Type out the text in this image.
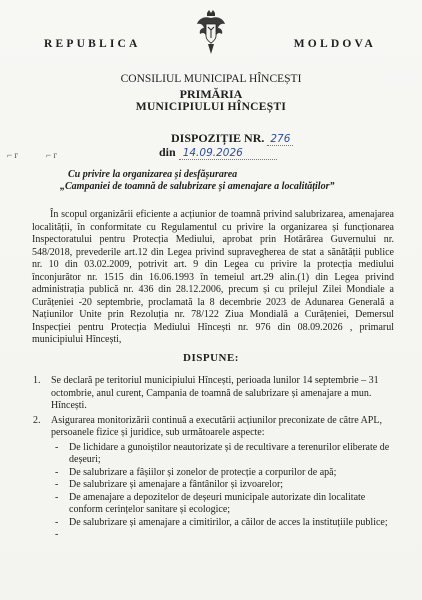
REPUBLICA	MOLDOVA
CONSILIUL MUNICIPAL HÎNCEȘTI
PRIMĂRIA
MUNICIPIULUI HÎNCEȘTI
DISPOZIȚIE NR. 276
din 14.09.2026
⌐ г	⌐ г
Cu privire la organizarea și desfășurarea
„Campaniei de toamnă de salubrizare și amenajare a localităților”

În scopul organizării eficiente a acțiunior de toamnă privind salubrizarea, amenajarea localității, în conformitate cu Regulamentul cu privire la organizarea și funcționarea Inspectoratului pentru Protecția Mediului, aprobat prin Hotărârea Guvernului nr. 548/2018, prevederile art.12 din Legea privind supravegherea de stat a sănătății publice nr. 10 din 03.02.2009, potrivit art. 9 din Legea cu privire la protecția mediului înconjurător nr. 1515 din 16.06.1993 în temeiul art.29 alin.(1) din Legea privind administrația publică nr. 436 din 28.12.2006, precum și cu prilejul Zilei Mondiale a Curățeniei -20 septembrie, proclamată la 8 decembrie 2023 de Adunarea Generală a Națiunilor Unite prin Rezoluția nr. 78/122 Ziua Mondială a Curățeniei, Demersul Inspecției pentru Protecția Mediului Hîncești nr. 976 din 08.09.2026 , primarul municipiului Hîncești,

DISPUNE:
1. Se declară pe teritoriul municipiului Hîncești, perioada lunilor 14 septembrie – 31 octombrie, anul curent, Campania de toamnă de salubrizare și amenajare a mun. Hîncești.
2. Asigurarea monitorizării continuă a executării acțiunilor preconizate de către APL, persoanele fizice și juridice, sub următoarele aspecte:
- De lichidare a gunoiștilor neautorizate și de recultivare a terenurilor eliberate de deșeuri;
- De salubrizare a fâșiilor și zonelor de protecție a corpurilor de apă;
- De salubrizare și amenajare a fântânilor și izvoarelor;
- De amenajare a depozitelor de deșeuri municipale autorizate din localitate conform cerințelor sanitare și ecologice;
- De salubrizare și amenajare a cimitirilor, a căilor de acces la instituțiile publice;
-
